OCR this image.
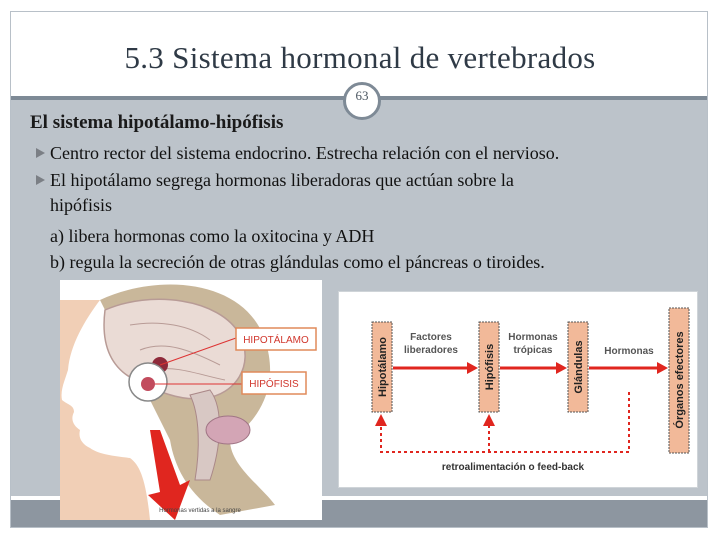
5.3 Sistema hormonal de vertebrados
63
El sistema hipotálamo-hipófisis
Centro rector del sistema endocrino. Estrecha relación con el nervioso.
El hipotálamo segrega hormonas liberadoras que actúan sobre la
hipófisis
a) libera hormonas como la oxitocina y ADH
b) regula la secreción de otras glándulas como el páncreas o tiroides.
HIPOTÁLAMO
HIPÓFISIS
Hormonas vertidas a la sangre
Hipotálamo	Hipófisis	Glándulas	Órganos efectores
Factores
liberadores
Hormonas
trópicas	Hormonas
retroalimentación o feed-back
